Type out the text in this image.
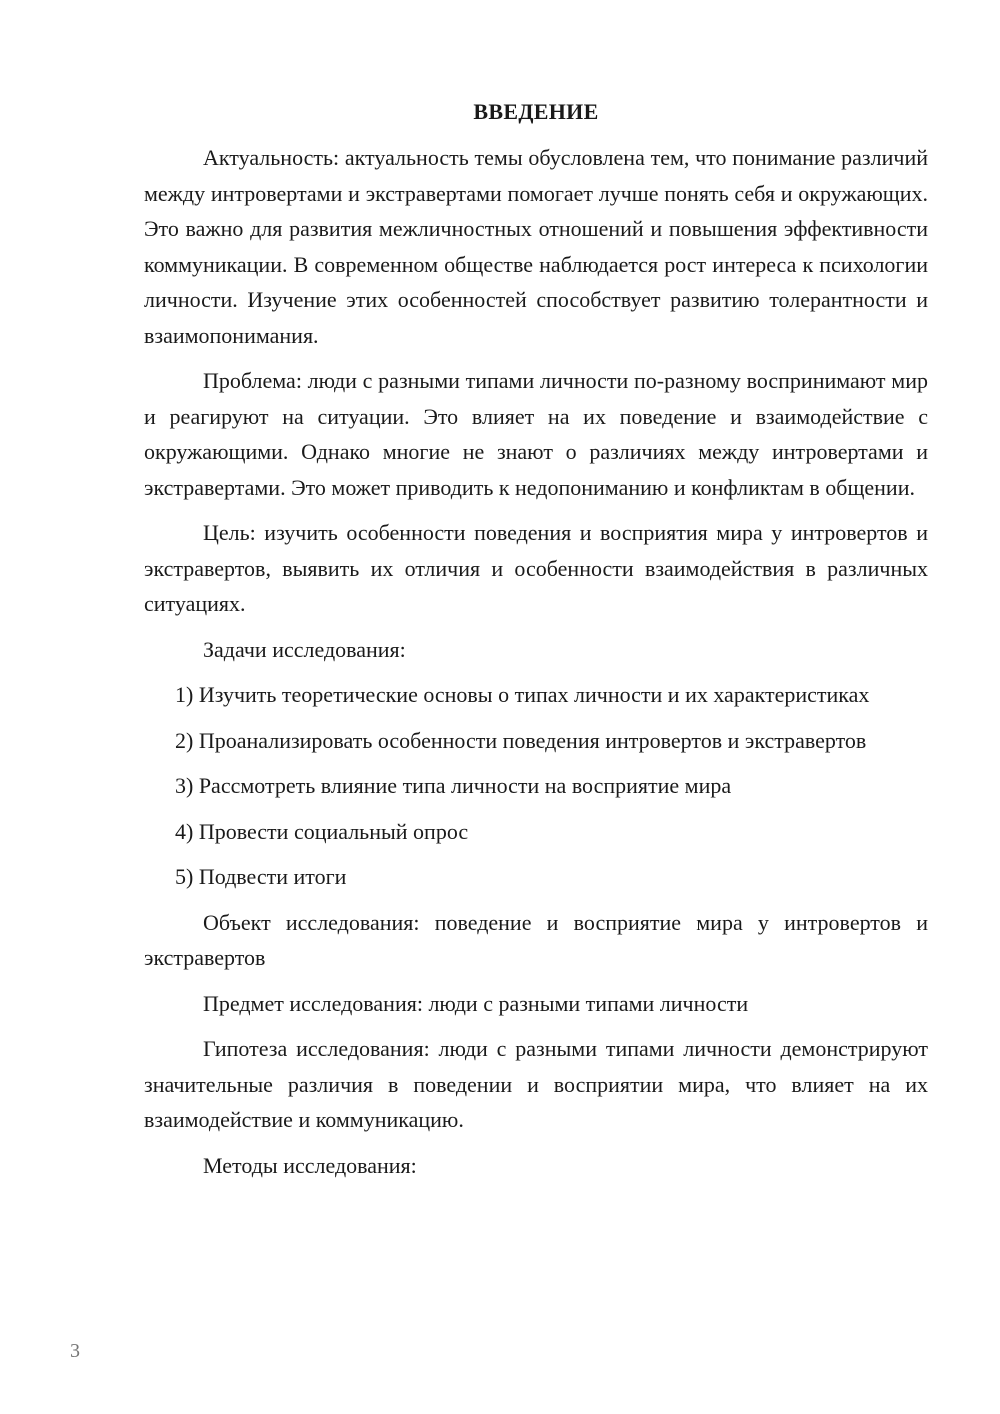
ВВЕДЕНИЕ

Актуальность: актуальность темы обусловлена тем, что понимание различий между интровертами и экстравертами помогает лучше понять себя и окружающих. Это важно для развития межличностных отношений и повышения эффективности коммуникации. В современном обществе наблюдается рост интереса к психологии личности. Изучение этих особенностей способствует развитию толерантности и взаимопонимания.

Проблема: люди с разными типами личности по-разному воспринимают мир и реагируют на ситуации. Это влияет на их поведение и взаимодействие с окружающими. Однако многие не знают о различиях между интровертами и экстравертами. Это может приводить к недопониманию и конфликтам в общении.

Цель: изучить особенности поведения и восприятия мира у интровертов и экстравертов, выявить их отличия и особенности взаимодействия в различных ситуациях.

Задачи исследования:

1) Изучить теоретические основы о типах личности и их характеристиках

2) Проанализировать особенности поведения интровертов и экстравертов

3) Рассмотреть влияние типа личности на восприятие мира

4) Провести социальный опрос

5) Подвести итоги

Объект исследования: поведение и восприятие мира у интровертов и экстравертов

Предмет исследования: люди с разными типами личности

Гипотеза исследования: люди с разными типами личности демонстрируют значительные различия в поведении и восприятии мира, что влияет на их взаимодействие и коммуникацию.

Методы исследования:

3
